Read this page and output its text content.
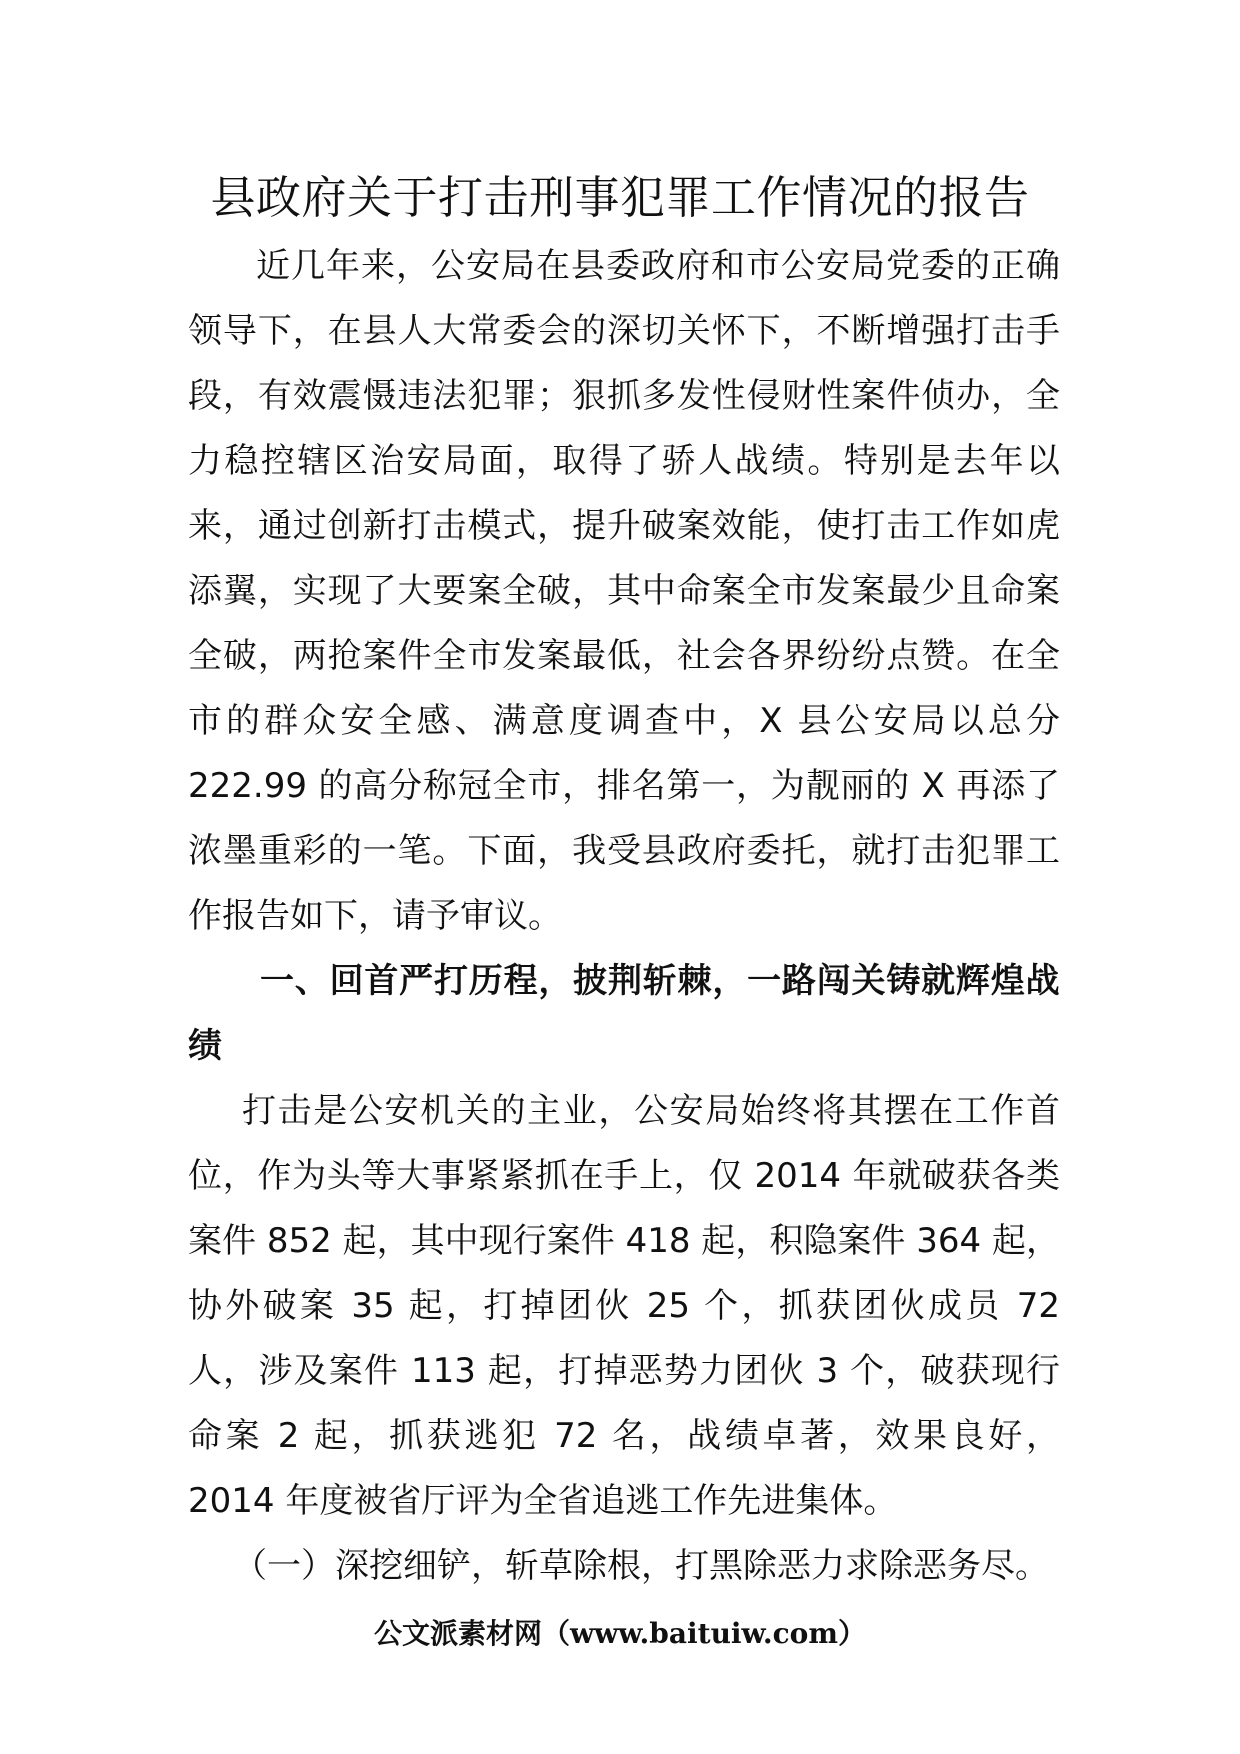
县政府关于打击刑事犯罪工作情况的报告

近几年来，公安局在县委政府和市公安局党委的正确领导下，在县人大常委会的深切关怀下，不断增强打击手段，有效震慑违法犯罪；狠抓多发性侵财性案件侦办，全力稳控辖区治安局面，取得了骄人战绩。特别是去年以来，通过创新打击模式，提升破案效能，使打击工作如虎添翼，实现了大要案全破，其中命案全市发案最少且命案全破，两抢案件全市发案最低，社会各界纷纷点赞。在全市的群众安全感、满意度调查中，X 县公安局以总分 222.99 的高分称冠全市，排名第一，为靓丽的 X 再添了浓墨重彩的一笔。下面，我受县政府委托，就打击犯罪工作报告如下，请予审议。

一、回首严打历程，披荆斩棘，一路闯关铸就辉煌战绩

打击是公安机关的主业，公安局始终将其摆在工作首位，作为头等大事紧紧抓在手上，仅 2014 年就破获各类案件 852 起，其中现行案件 418 起，积隐案件 364 起，协外破案 35 起，打掉团伙 25 个，抓获团伙成员 72 人，涉及案件 113 起，打掉恶势力团伙 3 个，破获现行命案 2 起，抓获逃犯 72 名，战绩卓著，效果良好，2014 年度被省厅评为全省追逃工作先进集体。

（一）深挖细铲，斩草除根，打黑除恶力求除恶务尽。

公文派素材网（www.baituiw.com）
